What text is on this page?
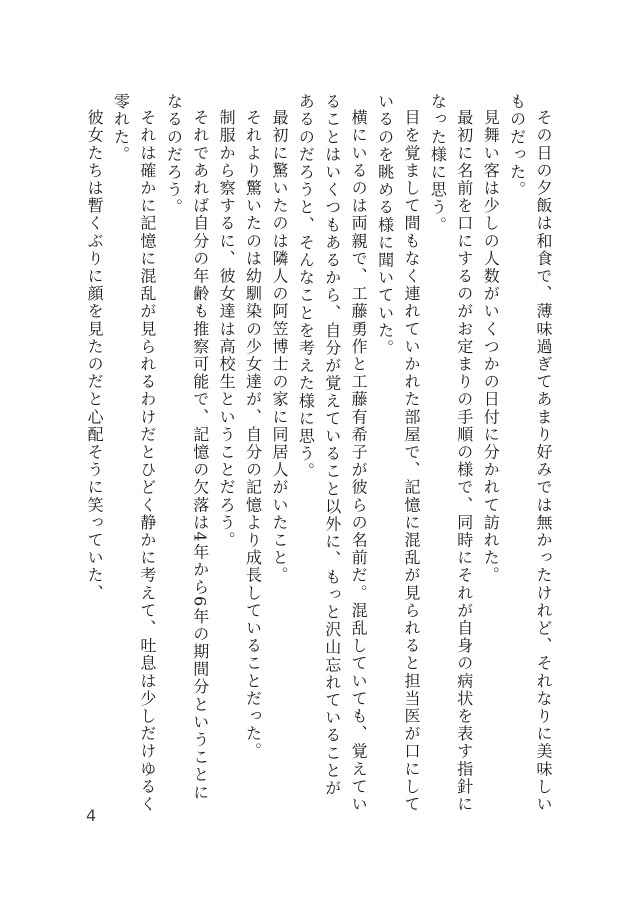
その日の夕飯は和食で、薄味過ぎてあまり好みでは無かったけれど、それなりに美味しいものだった。

見舞い客は少しの人数がいくつかの日付に分かれて訪れた。

最初に名前を口にするのがお定まりの手順の様で、同時にそれが自身の病状を表す指針になった様に思う。

目を覚まして間もなく連れていかれた部屋で、記憶に混乱が見られると担当医が口にしているのを眺める様に聞いていた。

横にいるのは両親で、工藤勇作と工藤有希子が彼らの名前だ。混乱していても、覚えていることはいくつもあるから、自分が覚えていること以外に、もっと沢山忘れていることがあるのだろうと、そんなことを考えた様に思う。

最初に驚いたのは隣人の阿笠博士の家に同居人がいたこと。

それより驚いたのは幼馴染の少女達が、自分の記憶より成長していることだった。

制服から察するに、彼女達は高校生ということだろう。

それであれば自分の年齢も推察可能で、記憶の欠落は4年から6年の期間分ということになるのだろう。

それは確かに記憶に混乱が見られるわけだとひどく静かに考えて、吐息は少しだけゆるく零れた。

彼女たちは暫くぶりに顔を見たのだと心配そうに笑っていた、

4
